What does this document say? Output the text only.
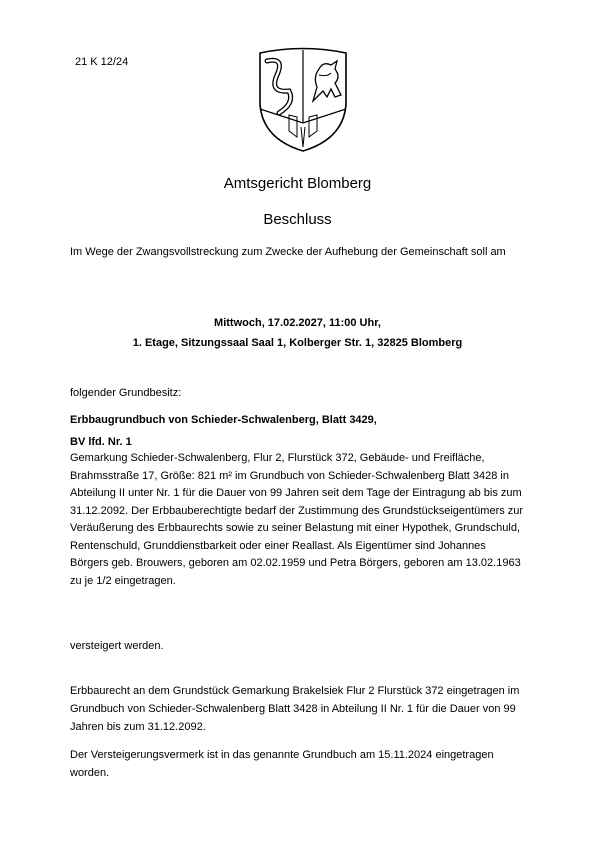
21 K 12/24
Amtsgericht Blomberg
Beschluss
Im Wege der Zwangsvollstreckung zum Zwecke der Aufhebung der Gemeinschaft soll am
Mittwoch, 17.02.2027, 11:00 Uhr,
1. Etage, Sitzungssaal Saal 1, Kolberger Str. 1, 32825 Blomberg
folgender Grundbesitz:
Erbbaugrundbuch von Schieder-Schwalenberg, Blatt 3429,
BV lfd. Nr. 1
Gemarkung Schieder-Schwalenberg, Flur 2, Flurstück 372, Gebäude- und Freifläche, Brahmsstraße 17, Größe: 821 m² im Grundbuch von Schieder-Schwalenberg Blatt 3428 in Abteilung II unter Nr. 1 für die Dauer von 99 Jahren seit dem Tage der Eintragung ab bis zum 31.12.2092. Der Erbbauberechtigte bedarf der Zustimmung des Grundstückseigentümers zur Veräußerung des Erbbaurechts sowie zu seiner Belastung mit einer Hypothek, Grundschuld, Rentenschuld, Grunddienstbarkeit oder einer Reallast. Als Eigentümer sind Johannes Börgers geb. Brouwers, geboren am 02.02.1959 und Petra Börgers, geboren am 13.02.1963 zu je 1/2 eingetragen.
versteigert werden.
Erbbaurecht an dem Grundstück Gemarkung Brakelsiek Flur 2 Flurstück 372 eingetragen im Grundbuch von Schieder-Schwalenberg Blatt 3428 in Abteilung II Nr. 1 für die Dauer von 99 Jahren bis zum 31.12.2092.
Der Versteigerungsvermerk ist in das genannte Grundbuch am 15.11.2024 eingetragen worden.
